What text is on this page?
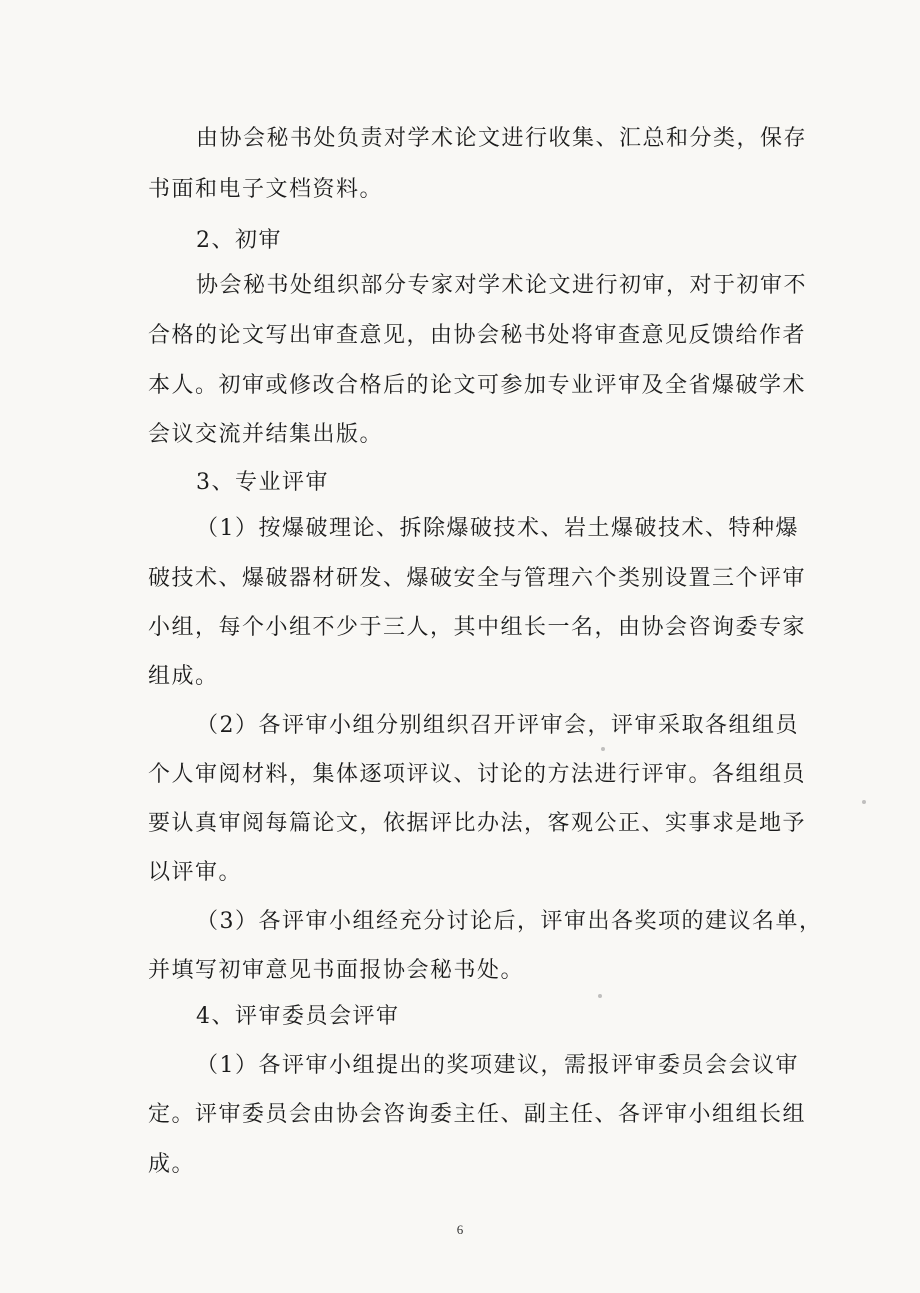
由协会秘书处负责对学术论文进行收集、汇总和分类，保存
书面和电子文档资料。
2、初审
协会秘书处组织部分专家对学术论文进行初审，对于初审不
合格的论文写出审查意见，由协会秘书处将审查意见反馈给作者
本人。初审或修改合格后的论文可参加专业评审及全省爆破学术
会议交流并结集出版。
3、专业评审
（1）按爆破理论、拆除爆破技术、岩土爆破技术、特种爆
破技术、爆破器材研发、爆破安全与管理六个类别设置三个评审
小组，每个小组不少于三人，其中组长一名，由协会咨询委专家
组成。
（2）各评审小组分别组织召开评审会，评审采取各组组员
个人审阅材料，集体逐项评议、讨论的方法进行评审。各组组员
要认真审阅每篇论文，依据评比办法，客观公正、实事求是地予
以评审。
（3）各评审小组经充分讨论后，评审出各奖项的建议名单，
并填写初审意见书面报协会秘书处。
4、评审委员会评审
（1）各评审小组提出的奖项建议，需报评审委员会会议审
定。评审委员会由协会咨询委主任、副主任、各评审小组组长组
成。
6
